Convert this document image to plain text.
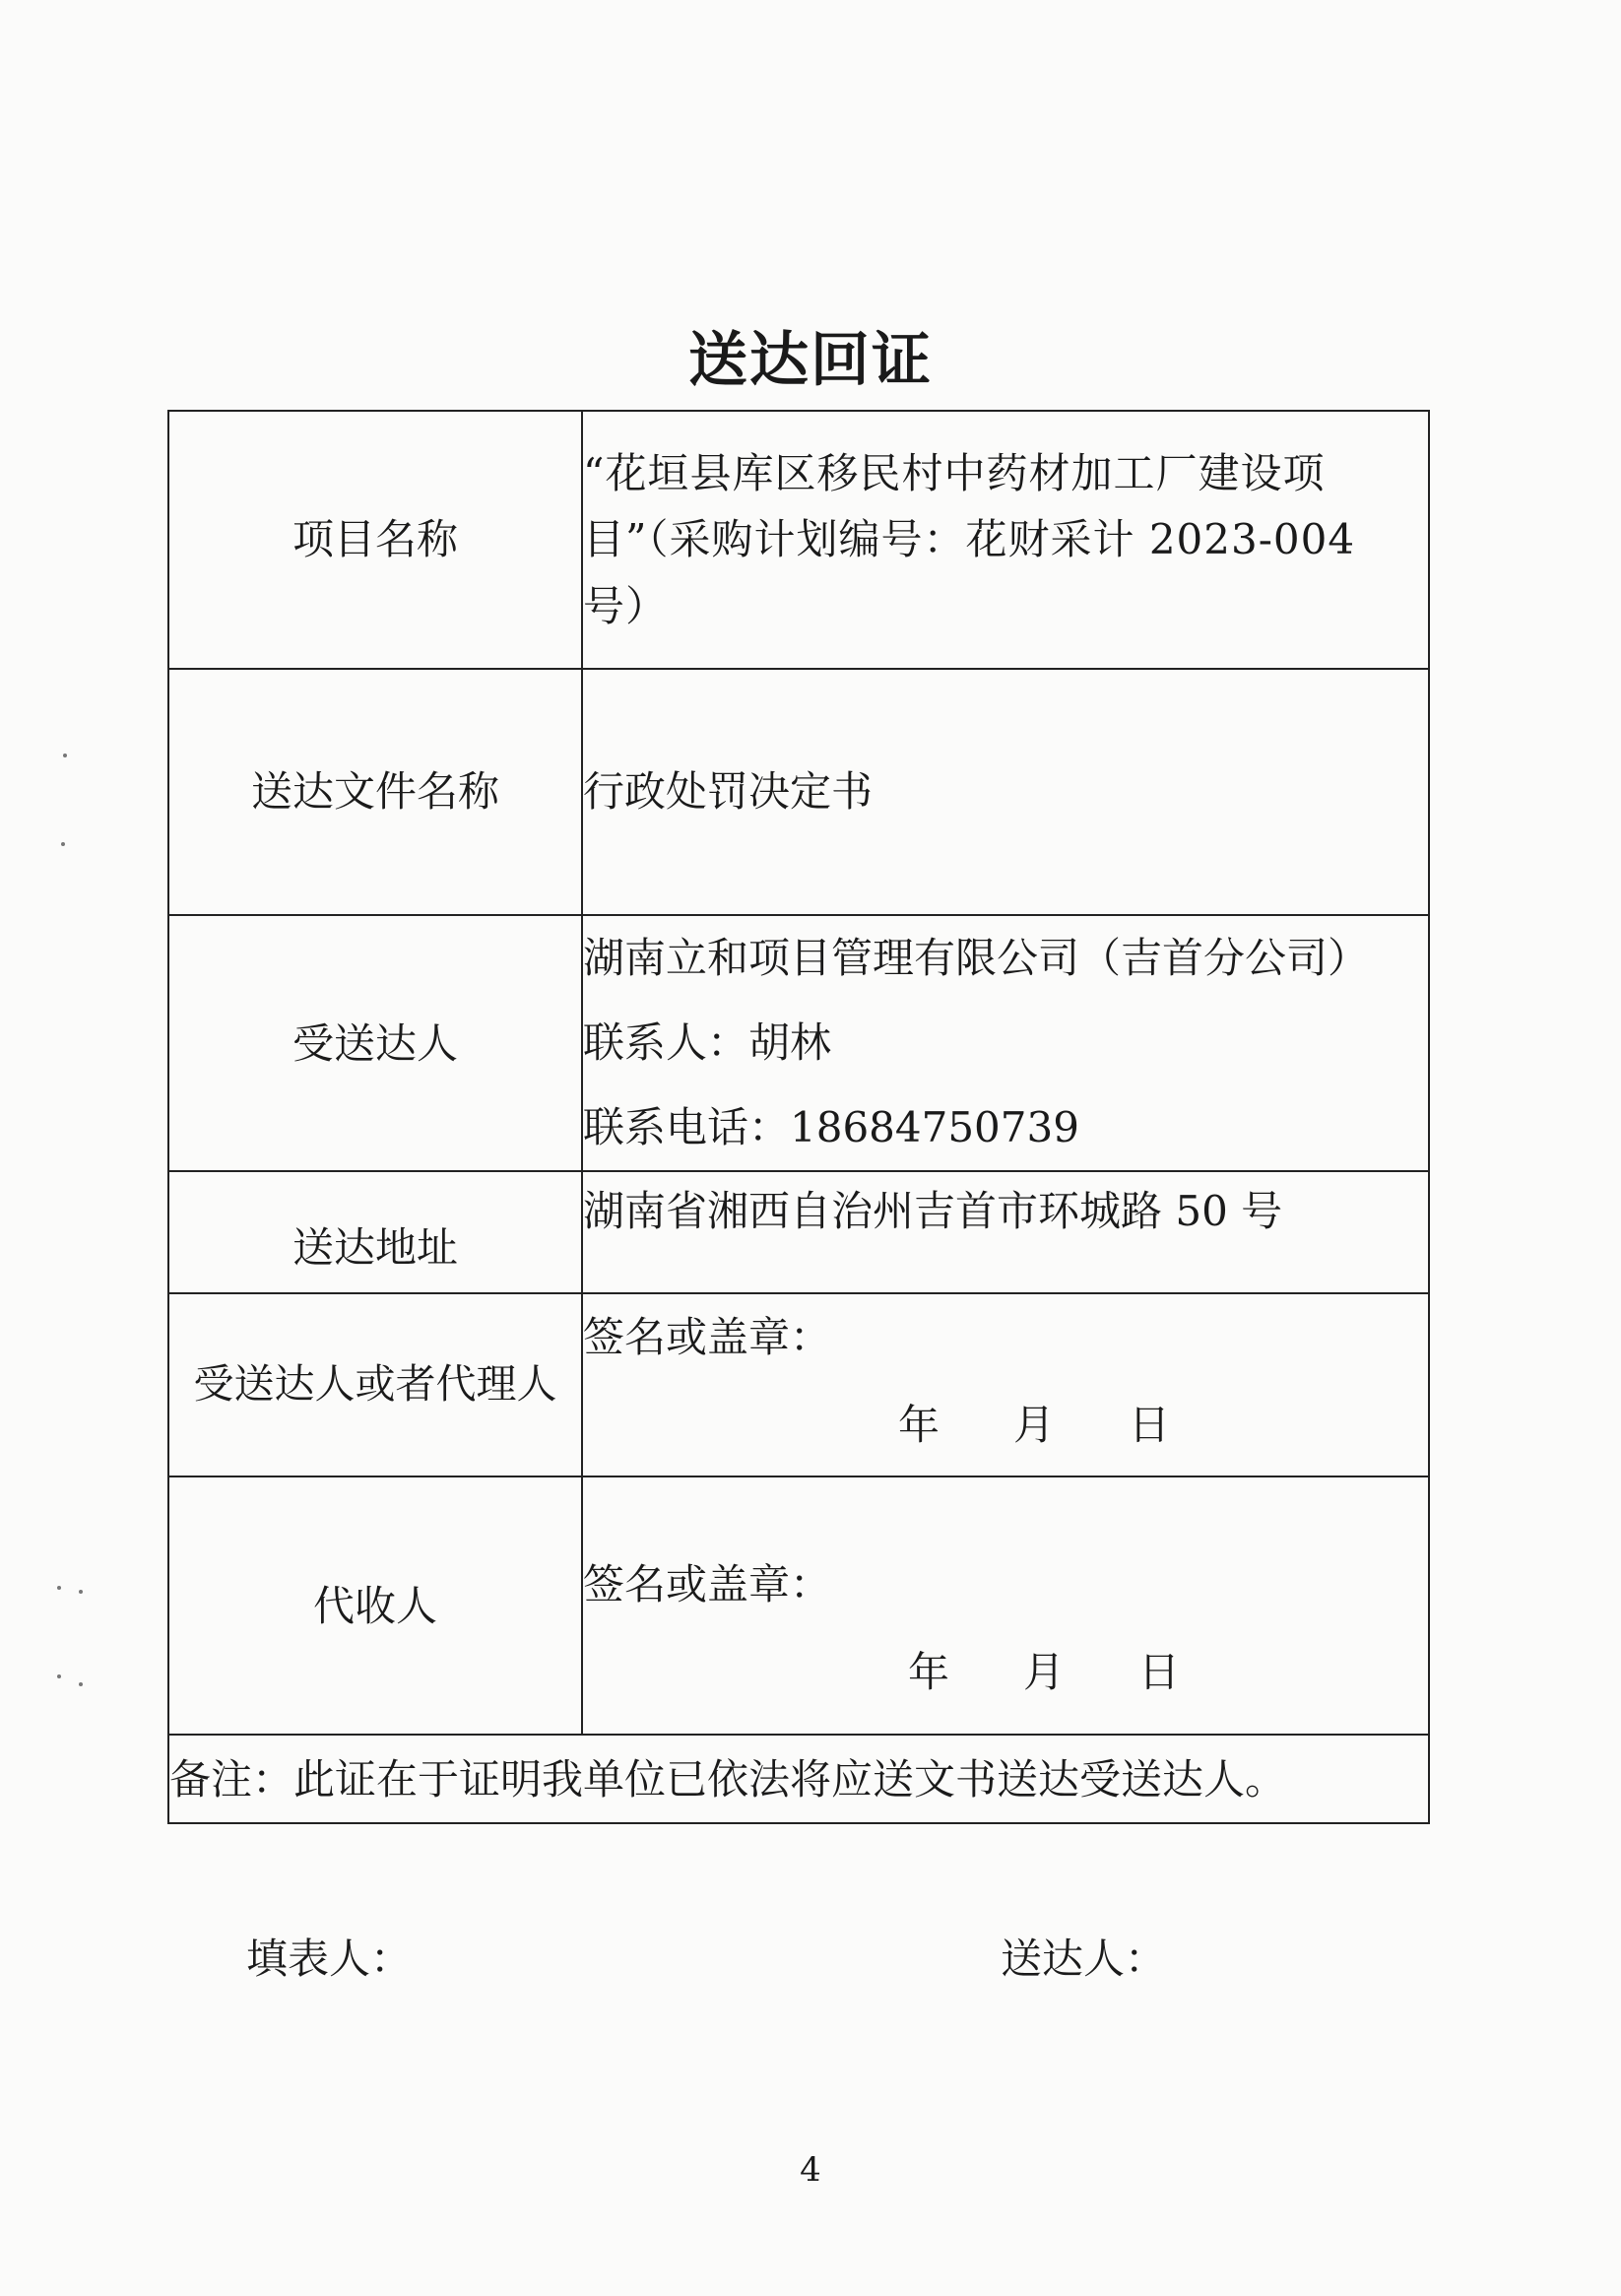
送达回证
项目名称	“花垣县库区移民村中药材加工厂建设项
目”（采购计划编号：花财采计 2023-004
号）

送达文件名称	行政处罚决定书
受送达人	湖南立和项目管理有限公司（吉首分公司）
联系人：胡林
联系电话：18684750739

送达地址	湖南省湘西自治州吉首市环城路 50 号
受送达人或者代理人	签名或盖章：
年 月 日

代收人	签名或盖章：
年 月 日

备注：此证在于证明我单位已依法将应送文书送达受送达人。	
填表人：	送达人：
4
